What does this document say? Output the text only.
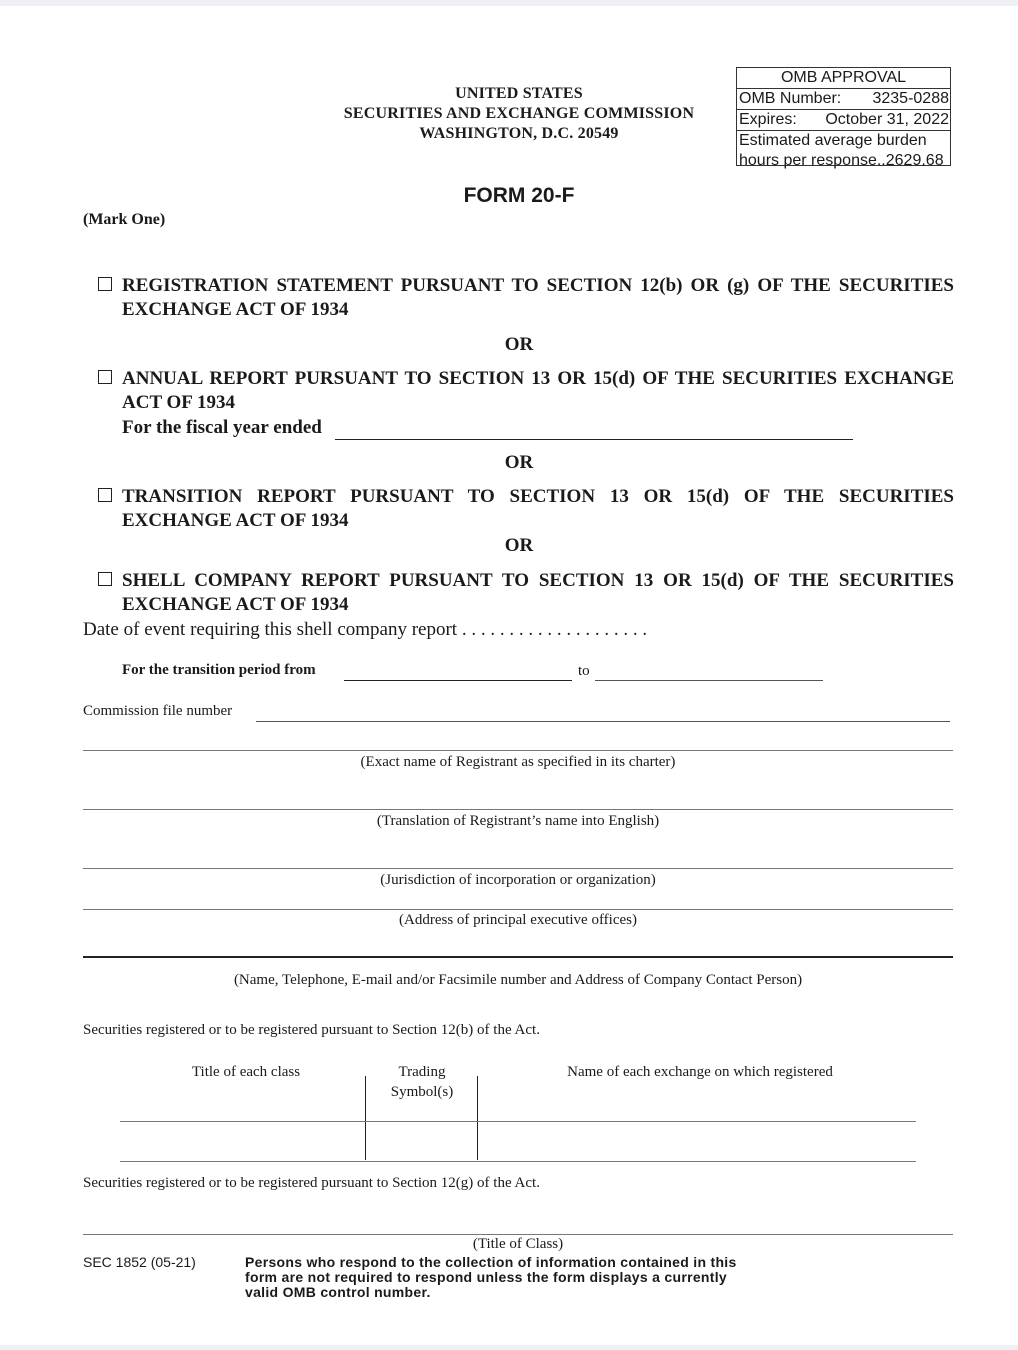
UNITED STATES
SECURITIES AND EXCHANGE COMMISSION
WASHINGTON, D.C. 20549
OMB APPROVAL
OMB Number: 3235-0288
Expires: October 31, 2022
Estimated average burden
hours per response..2629.68
FORM 20-F
(Mark One)
REGISTRATION STATEMENT PURSUANT TO SECTION 12(b) OR (g) OF THE SECURITIES
EXCHANGE ACT OF 1934
OR
ANNUAL REPORT PURSUANT TO SECTION 13 OR 15(d) OF THE SECURITIES EXCHANGE
ACT OF 1934
For the fiscal year ended
OR
TRANSITION REPORT PURSUANT TO SECTION 13 OR 15(d) OF THE SECURITIES
EXCHANGE ACT OF 1934
OR
SHELL COMPANY REPORT PURSUANT TO SECTION 13 OR 15(d) OF THE SECURITIES
EXCHANGE ACT OF 1934
Date of event requiring this shell company report . . . . . . . . . . . . . . . . . . . .
For the transition period from	to
Commission file number
(Exact name of Registrant as specified in its charter)
(Translation of Registrant’s name into English)
(Jurisdiction of incorporation or organization)
(Address of principal executive offices)
(Name, Telephone, E-mail and/or Facsimile number and Address of Company Contact Person)
Securities registered or to be registered pursuant to Section 12(b) of the Act.
Title of each class	Trading
Symbol(s)
Name of each exchange on which registered
Securities registered or to be registered pursuant to Section 12(g) of the Act.
(Title of Class)
SEC 1852 (05-21)	Persons who respond to the collection of information contained in this
form are not required to respond unless the form displays a currently
valid OMB control number.
